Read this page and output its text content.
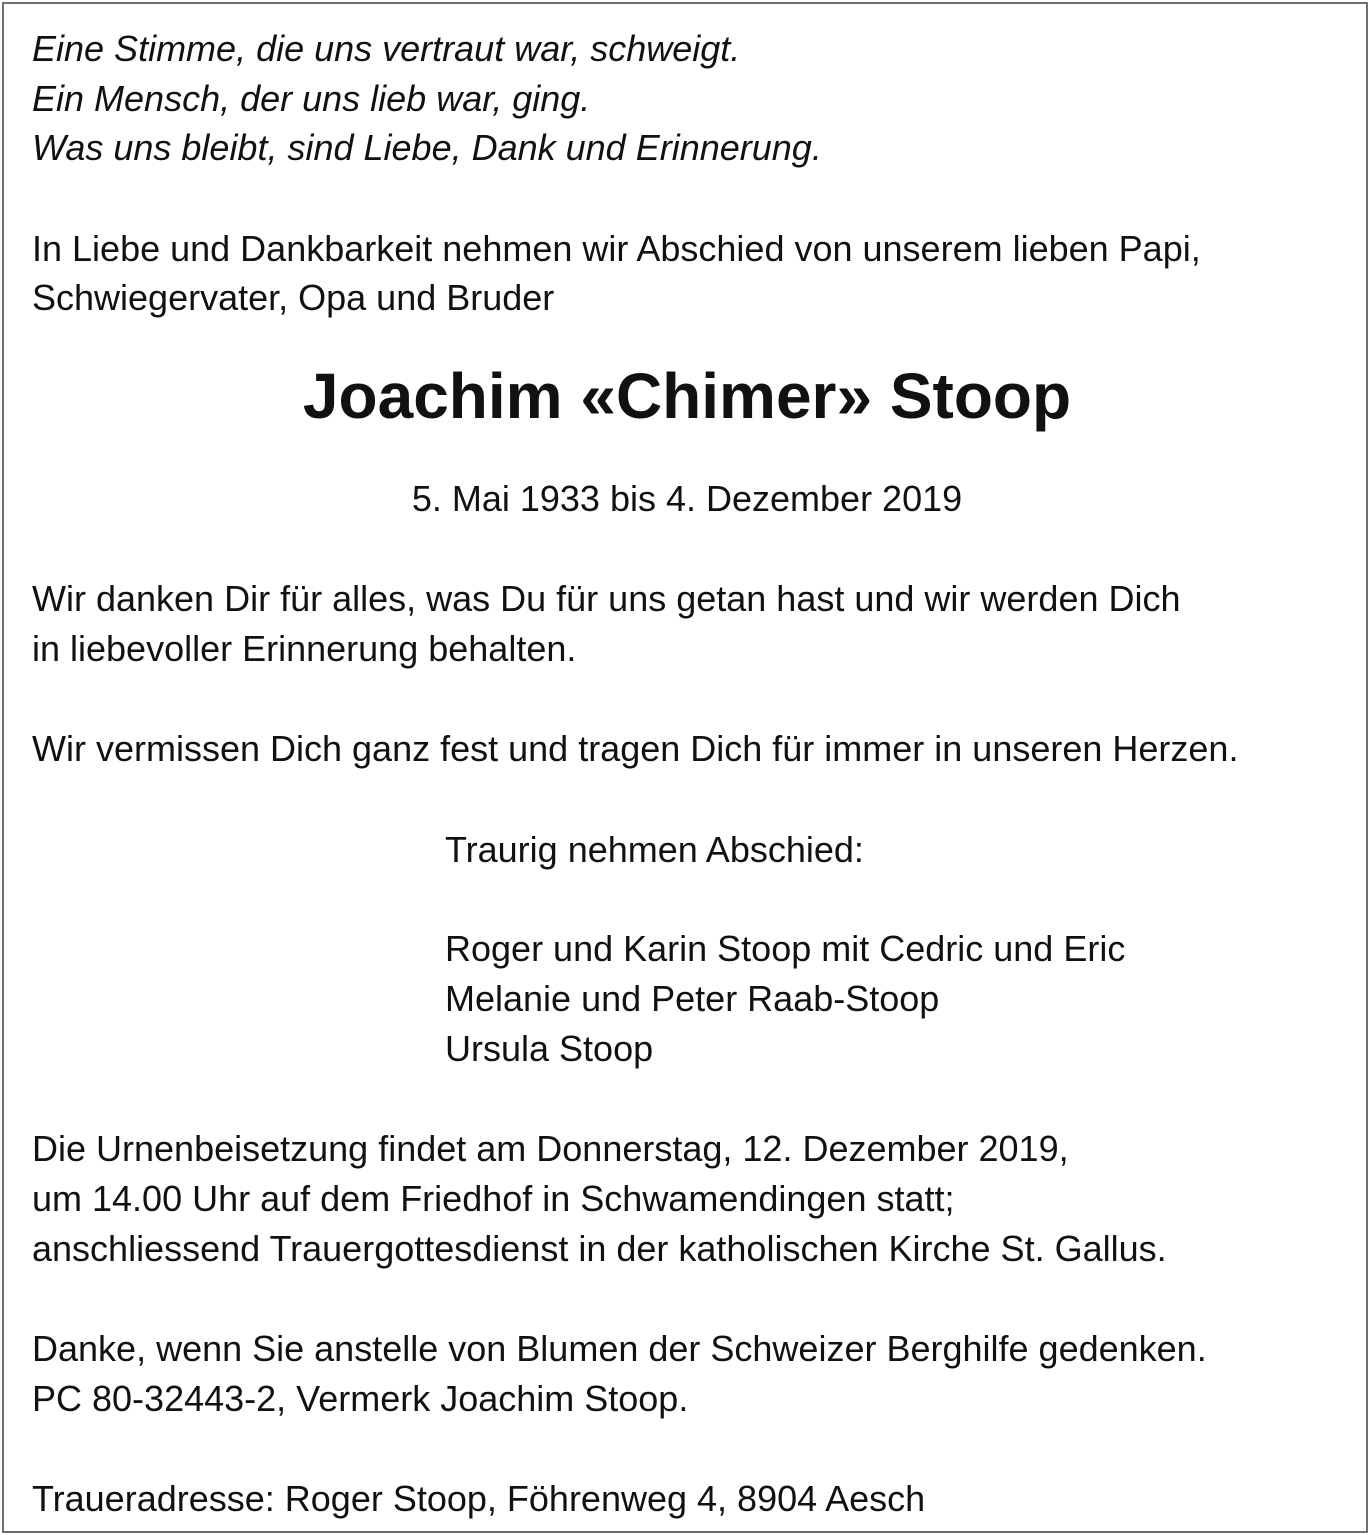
Eine Stimme, die uns vertraut war, schweigt.
Ein Mensch, der uns lieb war, ging.
Was uns bleibt, sind Liebe, Dank und Erinnerung.
In Liebe und Dankbarkeit nehmen wir Abschied von unserem lieben Papi,
Schwiegervater, Opa und Bruder
Joachim «Chimer» Stoop
5. Mai 1933 bis 4. Dezember 2019
Wir danken Dir für alles, was Du für uns getan hast und wir werden Dich
in liebevoller Erinnerung behalten.
Wir vermissen Dich ganz fest und tragen Dich für immer in unseren Herzen.
Traurig nehmen Abschied:
Roger und Karin Stoop mit Cedric und Eric
Melanie und Peter Raab-Stoop
Ursula Stoop
Die Urnenbeisetzung findet am Donnerstag, 12. Dezember 2019,
um 14.00 Uhr auf dem Friedhof in Schwamendingen statt;
anschliessend Trauergottesdienst in der katholischen Kirche St. Gallus.
Danke, wenn Sie anstelle von Blumen der Schweizer Berghilfe gedenken.
PC 80-32443-2, Vermerk Joachim Stoop.
Traueradresse: Roger Stoop, Föhrenweg 4, 8904 Aesch
